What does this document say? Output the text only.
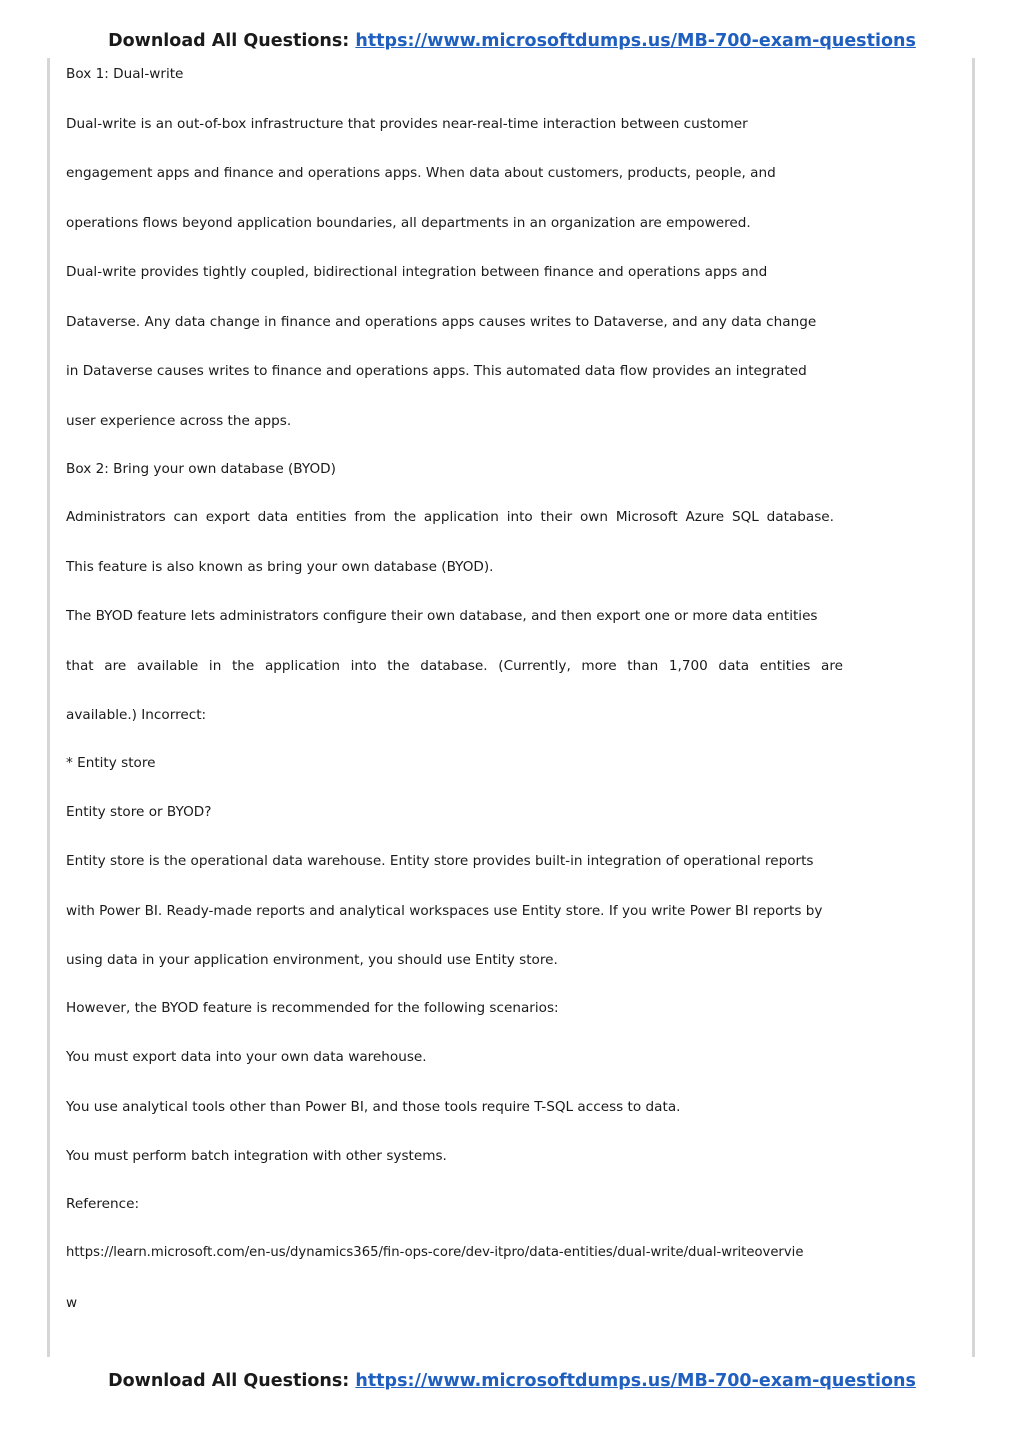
Download All Questions: https://www.microsoftdumps.us/MB-700-exam-questions
Box 1: Dual-write
Dual-write is an out-of-box infrastructure that provides near-real-time interaction between customer
engagement apps and finance and operations apps. When data about customers, products, people, and
operations flows beyond application boundaries, all departments in an organization are empowered.
Dual-write provides tightly coupled, bidirectional integration between finance and operations apps and
Dataverse. Any data change in finance and operations apps causes writes to Dataverse, and any data change
in Dataverse causes writes to finance and operations apps. This automated data flow provides an integrated
user experience across the apps.
Box 2: Bring your own database (BYOD)
Administrators can export data entities from the application into their own Microsoft Azure SQL database.
This feature is also known as bring your own database (BYOD).
The BYOD feature lets administrators configure their own database, and then export one or more data entities
that are available in the application into the database. (Currently, more than 1,700 data entities are
available.) Incorrect:
* Entity store
Entity store or BYOD?
Entity store is the operational data warehouse. Entity store provides built-in integration of operational reports
with Power BI. Ready-made reports and analytical workspaces use Entity store. If you write Power BI reports by
using data in your application environment, you should use Entity store.
However, the BYOD feature is recommended for the following scenarios:
You must export data into your own data warehouse.
You use analytical tools other than Power BI, and those tools require T-SQL access to data.
You must perform batch integration with other systems.
Reference:
https://learn.microsoft.com/en-us/dynamics365/fin-ops-core/dev-itpro/data-entities/dual-write/dual-writeovervie
w
Download All Questions: https://www.microsoftdumps.us/MB-700-exam-questions
